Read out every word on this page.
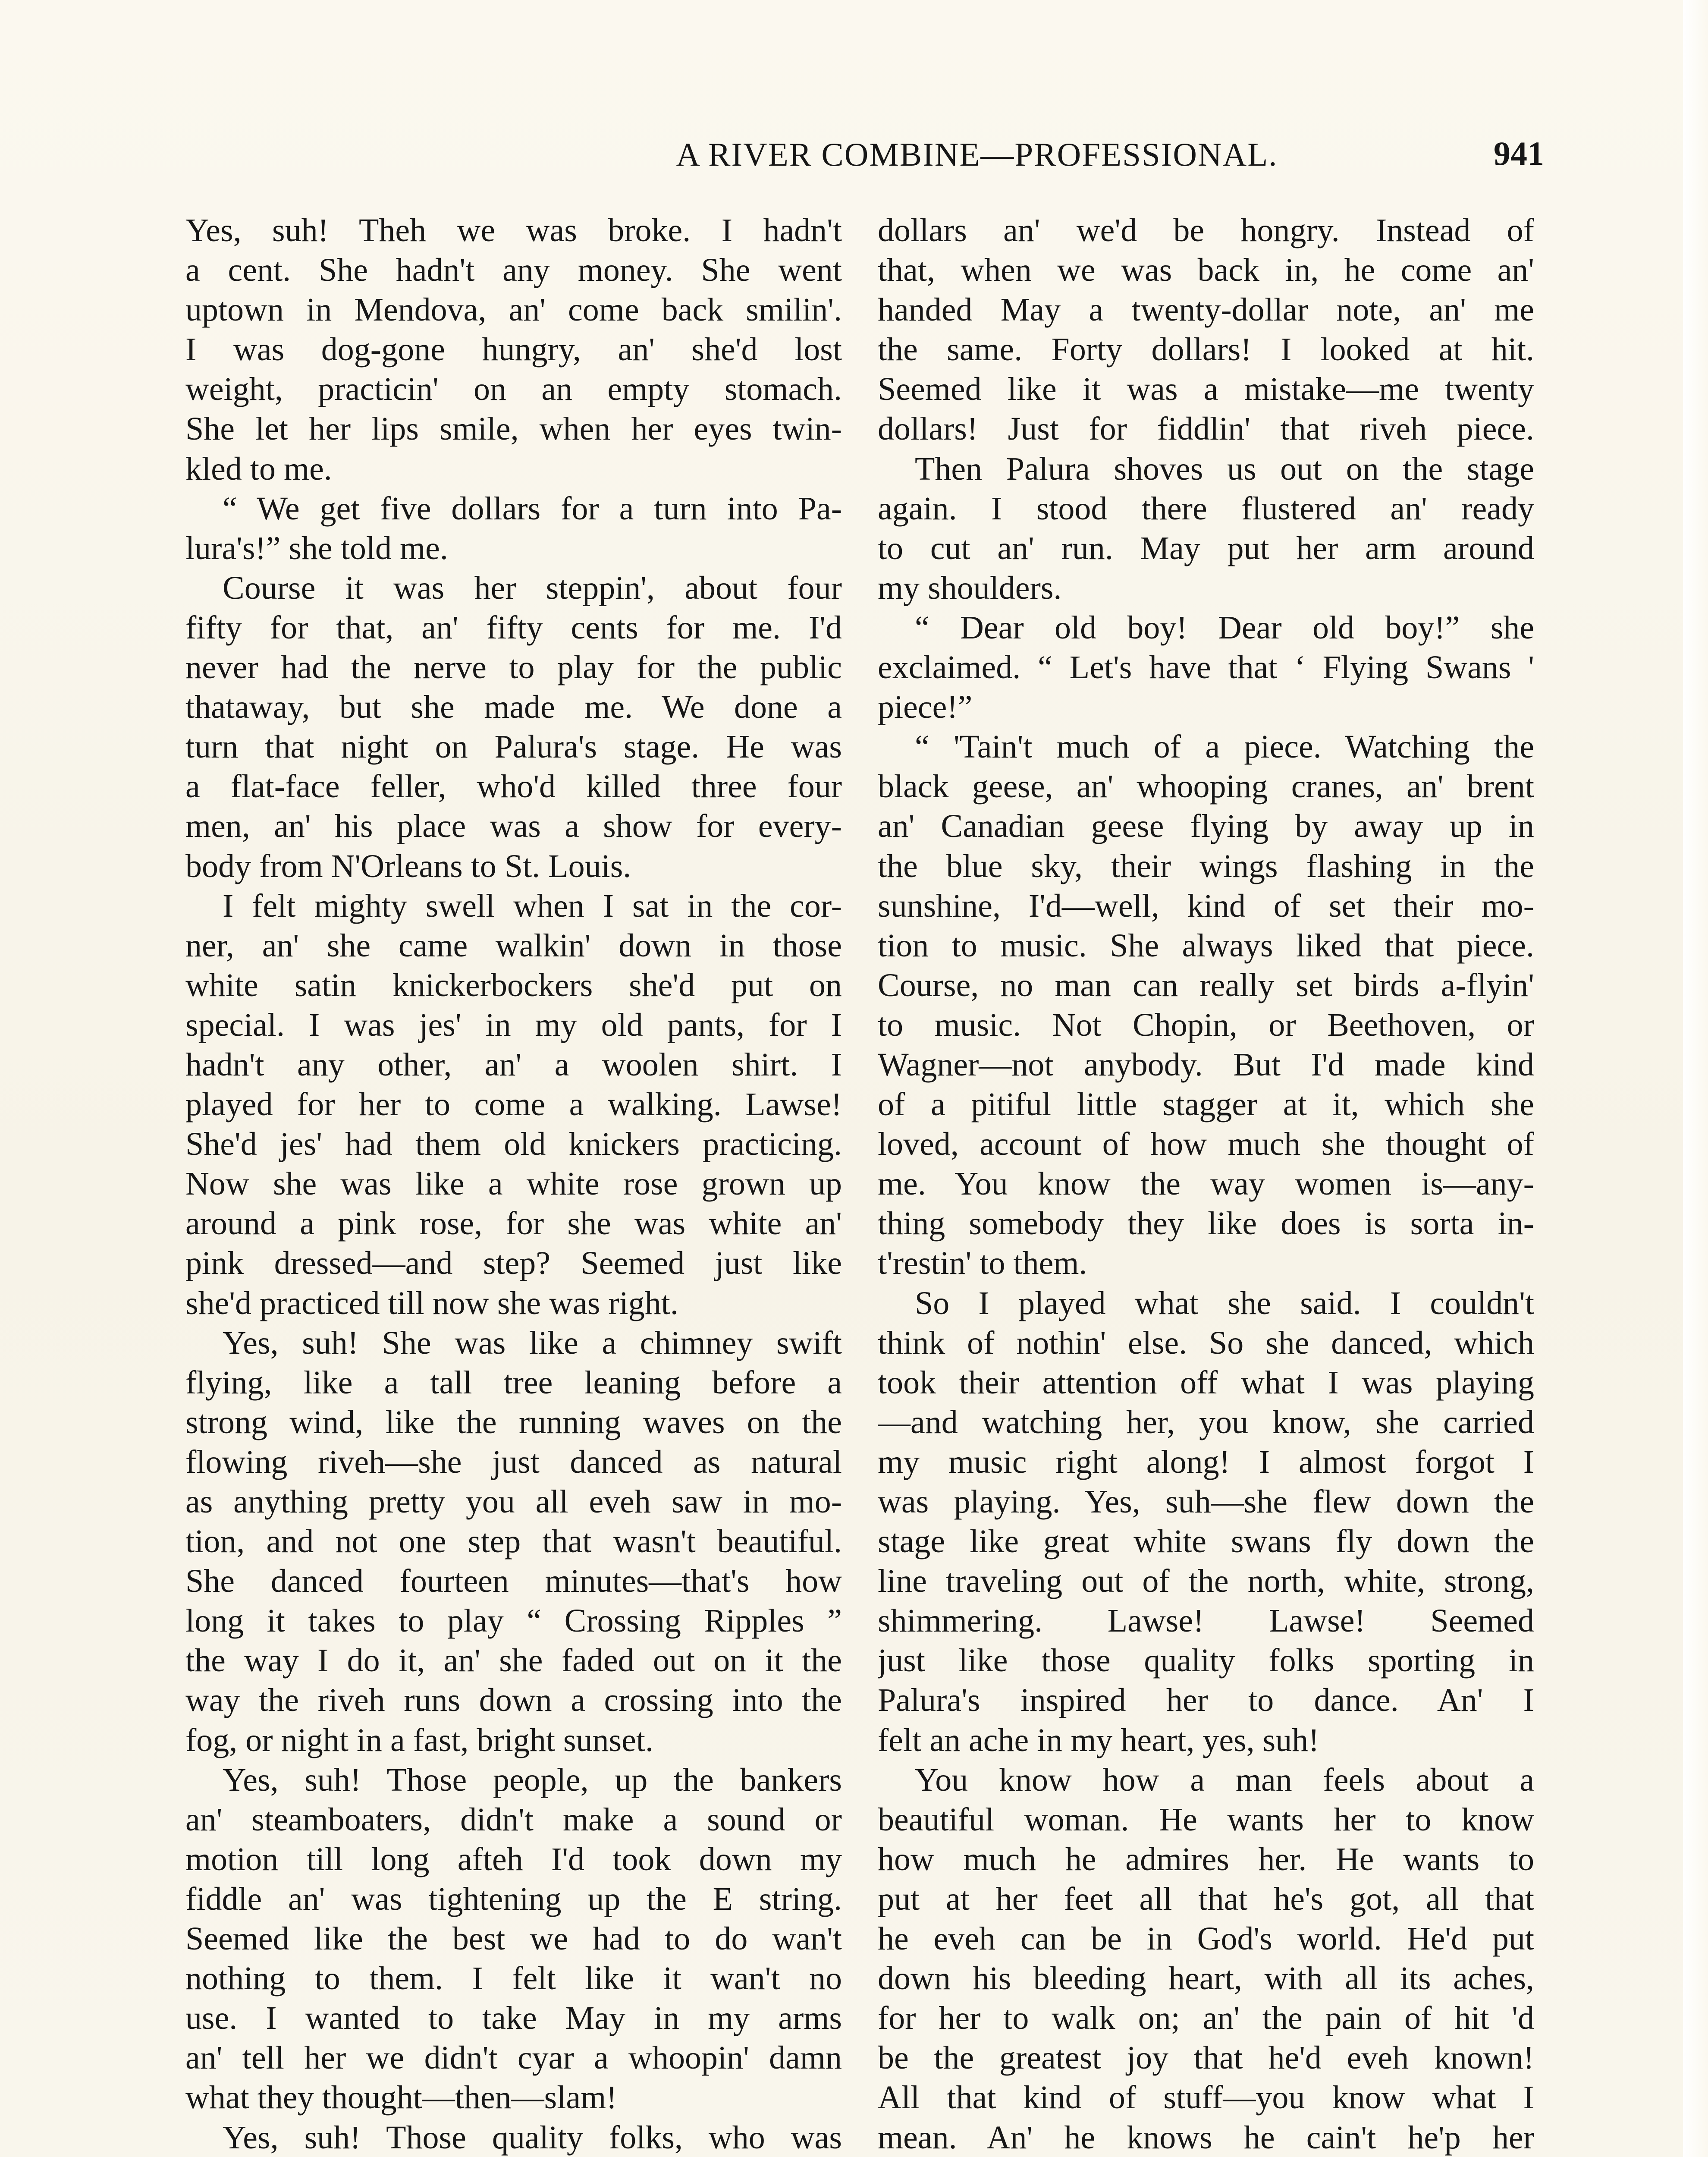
A RIVER COMBINE—PROFESSIONAL.	941
Yes, suh! Theh we was broke. I hadn't
a cent. She hadn't any money. She went
uptown in Mendova, an' come back smilin'.
I was dog-gone hungry, an' she'd lost
weight, practicin' on an empty stomach.
She let her lips smile, when her eyes twin-
kled to me.
“ We get five dollars for a turn into Pa-
lura's!” she told me.
Course it was her steppin', about four
fifty for that, an' fifty cents for me. I'd
never had the nerve to play for the public
thataway, but she made me. We done a
turn that night on Palura's stage. He was
a flat-face feller, who'd killed three four
men, an' his place was a show for every-
body from N'Orleans to St. Louis.
I felt mighty swell when I sat in the cor-
ner, an' she came walkin' down in those
white satin knickerbockers she'd put on
special. I was jes' in my old pants, for I
hadn't any other, an' a woolen shirt. I
played for her to come a walking. Lawse!
She'd jes' had them old knickers practicing.
Now she was like a white rose grown up
around a pink rose, for she was white an'
pink dressed—and step? Seemed just like
she'd practiced till now she was right.
Yes, suh! She was like a chimney swift
flying, like a tall tree leaning before a
strong wind, like the running waves on the
flowing riveh—she just danced as natural
as anything pretty you all eveh saw in mo-
tion, and not one step that wasn't beautiful.
She danced fourteen minutes—that's how
long it takes to play “ Crossing Ripples ”
the way I do it, an' she faded out on it the
way the riveh runs down a crossing into the
fog, or night in a fast, bright sunset.
Yes, suh! Those people, up the bankers
an' steamboaters, didn't make a sound or
motion till long afteh I'd took down my
fiddle an' was tightening up the E string.
Seemed like the best we had to do wan't
nothing to them. I felt like it wan't no
use. I wanted to take May in my arms
an' tell her we didn't cyar a whoopin' damn
what they thought—then—slam!
Yes, suh! Those quality folks, who was
dollars an' we'd be hongry. Instead of
that, when we was back in, he come an'
handed May a twenty-dollar note, an' me
the same. Forty dollars! I looked at hit.
Seemed like it was a mistake—me twenty
dollars! Just for fiddlin' that riveh piece.
Then Palura shoves us out on the stage
again. I stood there flustered an' ready
to cut an' run. May put her arm around
my shoulders.
“ Dear old boy! Dear old boy!” she
exclaimed. “ Let's have that ‘ Flying Swans '
piece!”
“ 'Tain't much of a piece. Watching the
black geese, an' whooping cranes, an' brent
an' Canadian geese flying by away up in
the blue sky, their wings flashing in the
sunshine, I'd—well, kind of set their mo-
tion to music. She always liked that piece.
Course, no man can really set birds a-flyin'
to music. Not Chopin, or Beethoven, or
Wagner—not anybody. But I'd made kind
of a pitiful little stagger at it, which she
loved, account of how much she thought of
me. You know the way women is—any-
thing somebody they like does is sorta in-
t'restin' to them.
So I played what she said. I couldn't
think of nothin' else. So she danced, which
took their attention off what I was playing
—and watching her, you know, she carried
my music right along! I almost forgot I
was playing. Yes, suh—she flew down the
stage like great white swans fly down the
line traveling out of the north, white, strong,
shimmering. Lawse! Lawse! Seemed
just like those quality folks sporting in
Palura's inspired her to dance. An' I
felt an ache in my heart, yes, suh!
You know how a man feels about a
beautiful woman. He wants her to know
how much he admires her. He wants to
put at her feet all that he's got, all that
he eveh can be in God's world. He'd put
down his bleeding heart, with all its aches,
for her to walk on; an' the pain of hit 'd
be the greatest joy that he'd eveh known!
All that kind of stuff—you know what I
mean. An' he knows he cain't he'p her
